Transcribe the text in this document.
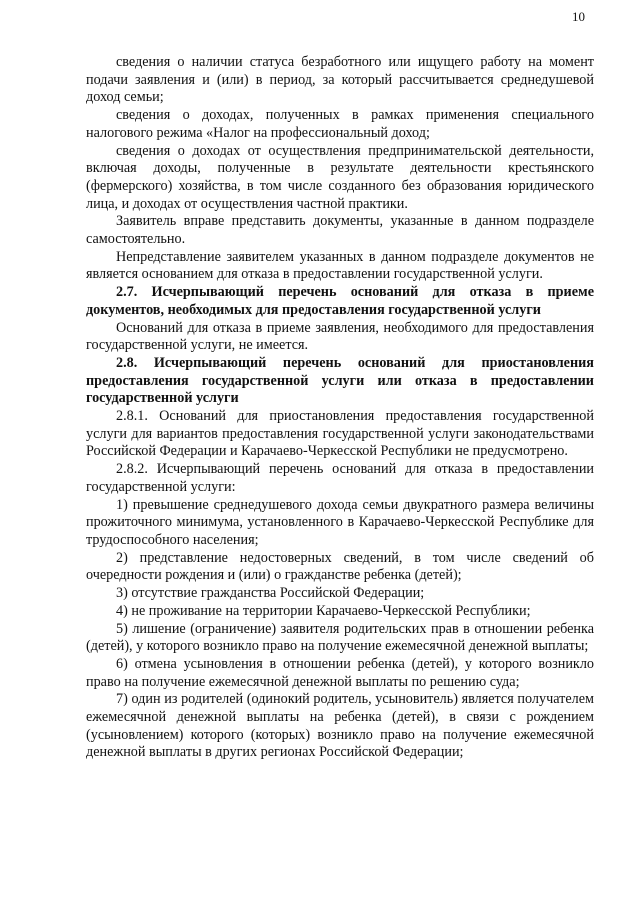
10

сведения о наличии статуса безработного или ищущего работу на момент подачи заявления и (или) в период, за который рассчитывается среднедушевой доход семьи;

сведения о доходах, полученных в рамках применения специального налогового режима «Налог на профессиональный доход;

сведения о доходах от осуществления предпринимательской деятельности, включая доходы, полученные в результате деятельности крестьянского (фермерского) хозяйства, в том числе созданного без образования юридического лица, и доходах от осуществления частной практики.

Заявитель вправе представить документы, указанные в данном подразделе самостоятельно.

Непредставление заявителем указанных в данном подразделе документов не является основанием для отказа в предоставлении государственной услуги.

2.7. Исчерпывающий перечень оснований для отказа в приеме документов, необходимых для предоставления государственной услуги

Оснований для отказа в приеме заявления, необходимого для предоставления государственной услуги, не имеется.

2.8. Исчерпывающий перечень оснований для приостановления предоставления государственной услуги или отказа в предоставлении государственной услуги

2.8.1. Оснований для приостановления предоставления государственной услуги для вариантов предоставления государственной услуги законодательствами Российской Федерации и Карачаево-Черкесской Республики не предусмотрено.

2.8.2. Исчерпывающий перечень оснований для отказа в предоставлении государственной услуги:

1) превышение среднедушевого дохода семьи двукратного размера величины прожиточного минимума, установленного в Карачаево-Черкесской Республике для трудоспособного населения;

2) представление недостоверных сведений, в том числе сведений об очередности рождения и (или) о гражданстве ребенка (детей);

3) отсутствие гражданства Российской Федерации;

4) не проживание на территории Карачаево-Черкесской Республики;

5) лишение (ограничение) заявителя родительских прав в отношении ребенка (детей), у которого возникло право на получение ежемесячной денежной выплаты;

6) отмена усыновления в отношении ребенка (детей), у которого возникло право на получение ежемесячной денежной выплаты по решению суда;

7) один из родителей (одинокий родитель, усыновитель) является получателем ежемесячной денежной выплаты на ребенка (детей), в связи с рождением (усыновлением) которого (которых) возникло право на получение ежемесячной денежной выплаты в других регионах Российской Федерации;
